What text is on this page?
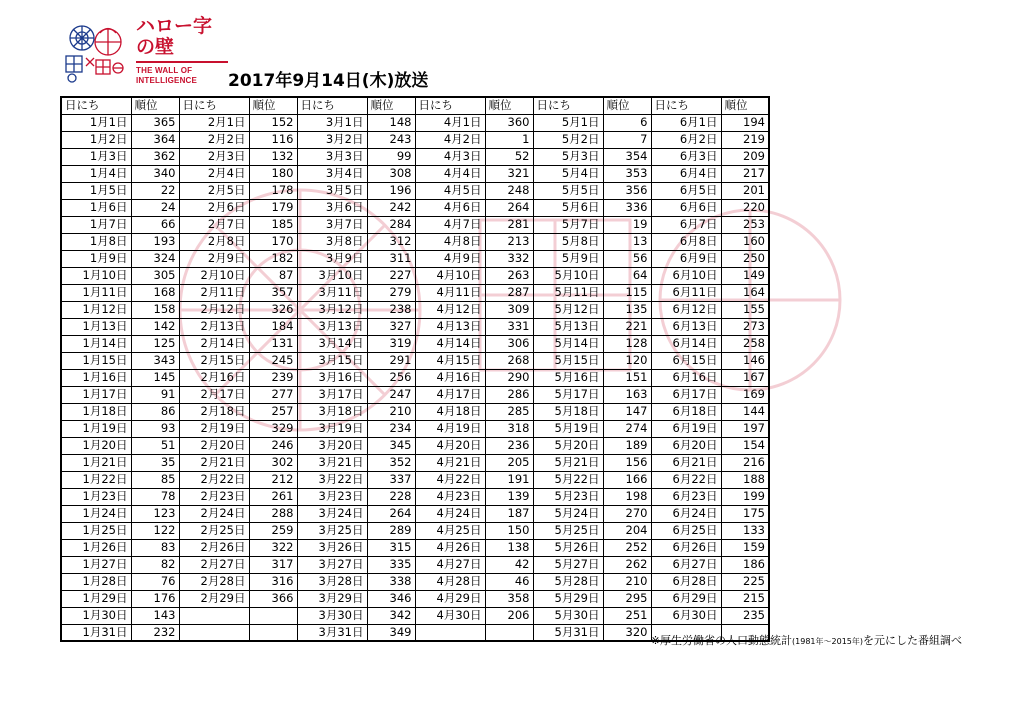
ハロー字の壁
THE WALL OF
INTELLIGENCE	2017年9月14日(木)放送
日にち	順位	日にち	順位	日にち	順位	日にち	順位	日にち	順位	日にち	順位
1月1日	365	2月1日	152	3月1日	148	4月1日	360	5月1日	6	6月1日	194
1月2日	364	2月2日	116	3月2日	243	4月2日	1	5月2日	7	6月2日	219
1月3日	362	2月3日	132	3月3日	99	4月3日	52	5月3日	354	6月3日	209
1月4日	340	2月4日	180	3月4日	308	4月4日	321	5月4日	353	6月4日	217
1月5日	22	2月5日	178	3月5日	196	4月5日	248	5月5日	356	6月5日	201
1月6日	24	2月6日	179	3月6日	242	4月6日	264	5月6日	336	6月6日	220
1月7日	66	2月7日	185	3月7日	284	4月7日	281	5月7日	19	6月7日	253
1月8日	193	2月8日	170	3月8日	312	4月8日	213	5月8日	13	6月8日	160
1月9日	324	2月9日	182	3月9日	311	4月9日	332	5月9日	56	6月9日	250
1月10日	305	2月10日	87	3月10日	227	4月10日	263	5月10日	64	6月10日	149
1月11日	168	2月11日	357	3月11日	279	4月11日	287	5月11日	115	6月11日	164
1月12日	158	2月12日	326	3月12日	238	4月12日	309	5月12日	135	6月12日	155
1月13日	142	2月13日	184	3月13日	327	4月13日	331	5月13日	221	6月13日	273
1月14日	125	2月14日	131	3月14日	319	4月14日	306	5月14日	128	6月14日	258
1月15日	343	2月15日	245	3月15日	291	4月15日	268	5月15日	120	6月15日	146
1月16日	145	2月16日	239	3月16日	256	4月16日	290	5月16日	151	6月16日	167
1月17日	91	2月17日	277	3月17日	247	4月17日	286	5月17日	163	6月17日	169
1月18日	86	2月18日	257	3月18日	210	4月18日	285	5月18日	147	6月18日	144
1月19日	93	2月19日	329	3月19日	234	4月19日	318	5月19日	274	6月19日	197
1月20日	51	2月20日	246	3月20日	345	4月20日	236	5月20日	189	6月20日	154
1月21日	35	2月21日	302	3月21日	352	4月21日	205	5月21日	156	6月21日	216
1月22日	85	2月22日	212	3月22日	337	4月22日	191	5月22日	166	6月22日	188
1月23日	78	2月23日	261	3月23日	228	4月23日	139	5月23日	198	6月23日	199
1月24日	123	2月24日	288	3月24日	264	4月24日	187	5月24日	270	6月24日	175
1月25日	122	2月25日	259	3月25日	289	4月25日	150	5月25日	204	6月25日	133
1月26日	83	2月26日	322	3月26日	315	4月26日	138	5月26日	252	6月26日	159
1月27日	82	2月27日	317	3月27日	335	4月27日	42	5月27日	262	6月27日	186
1月28日	76	2月28日	316	3月28日	338	4月28日	46	5月28日	210	6月28日	225
1月29日	176	2月29日	366	3月29日	346	4月29日	358	5月29日	295	6月29日	215
1月30日	143			3月30日	342	4月30日	206	5月30日	251	6月30日	235
1月31日	232			3月31日	349			5月31日	320		
※厚生労働省の人口動態統計(1981年～2015年)を元にした番組調べ
